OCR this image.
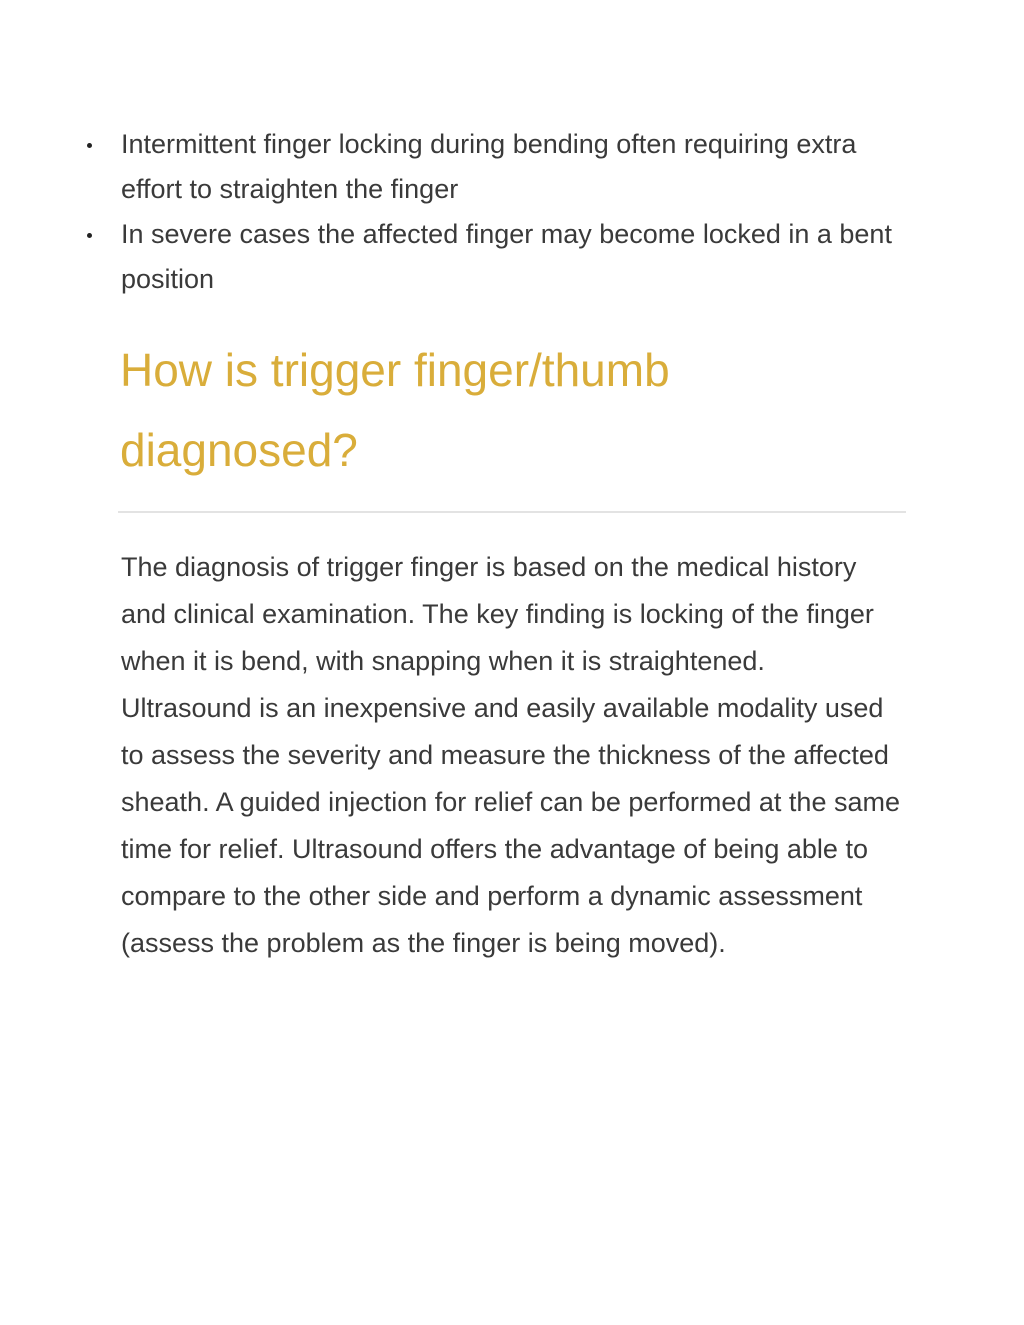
Intermittent finger locking during bending often requiring extra effort to straighten the finger
In severe cases the affected finger may become locked in a bent position
How is trigger finger/thumb diagnosed?

The diagnosis of trigger finger is based on the medical history and clinical examination. The key finding is locking of the finger when it is bend, with snapping when it is straightened. Ultrasound is an inexpensive and easily available modality used to assess the severity and measure the thickness of the affected sheath. A guided injection for relief can be performed at the same time for relief. Ultrasound offers the advantage of being able to compare to the other side and perform a dynamic assessment (assess the problem as the finger is being moved).
